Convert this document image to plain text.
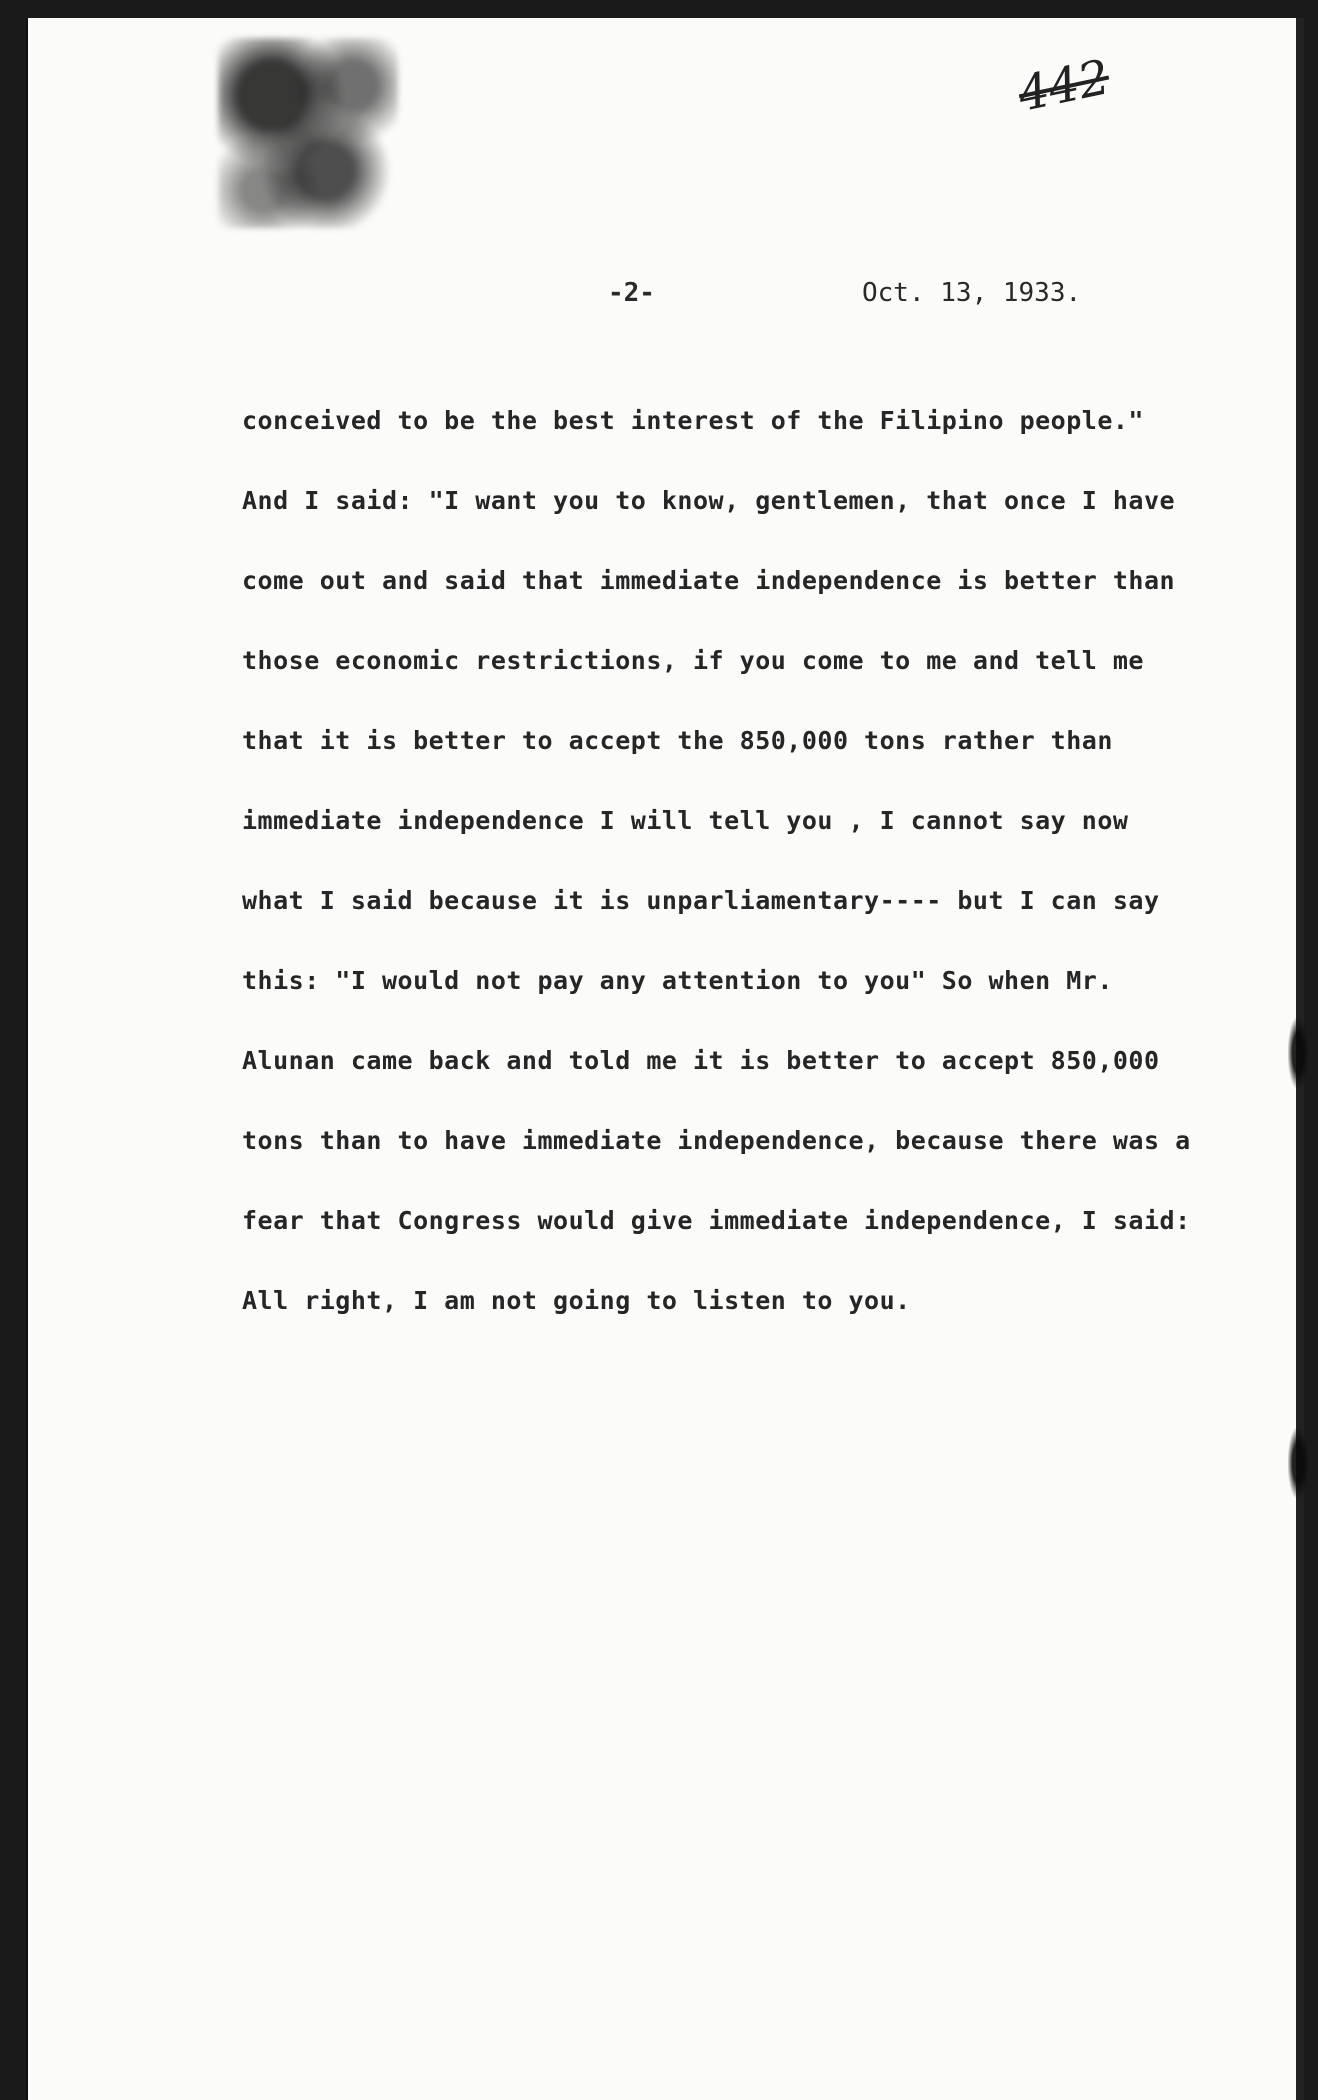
442
-2-	Oct. 13, 1933.
conceived to be the best interest of the Filipino people."
And I said: "I want you to know, gentlemen, that once I have
come out and said that immediate independence is better than
those economic restrictions, if you come to me and tell me
that it is better to accept the 850,000 tons rather than
immediate independence I will tell you , I cannot say now
what I said because it is unparliamentary---- but I can say
this: "I would not pay any attention to you" So when Mr.
Alunan came back and told me it is better to accept 850,000
tons than to have immediate independence, because there was a
fear that Congress would give immediate independence, I said:
All right, I am not going to listen to you.
